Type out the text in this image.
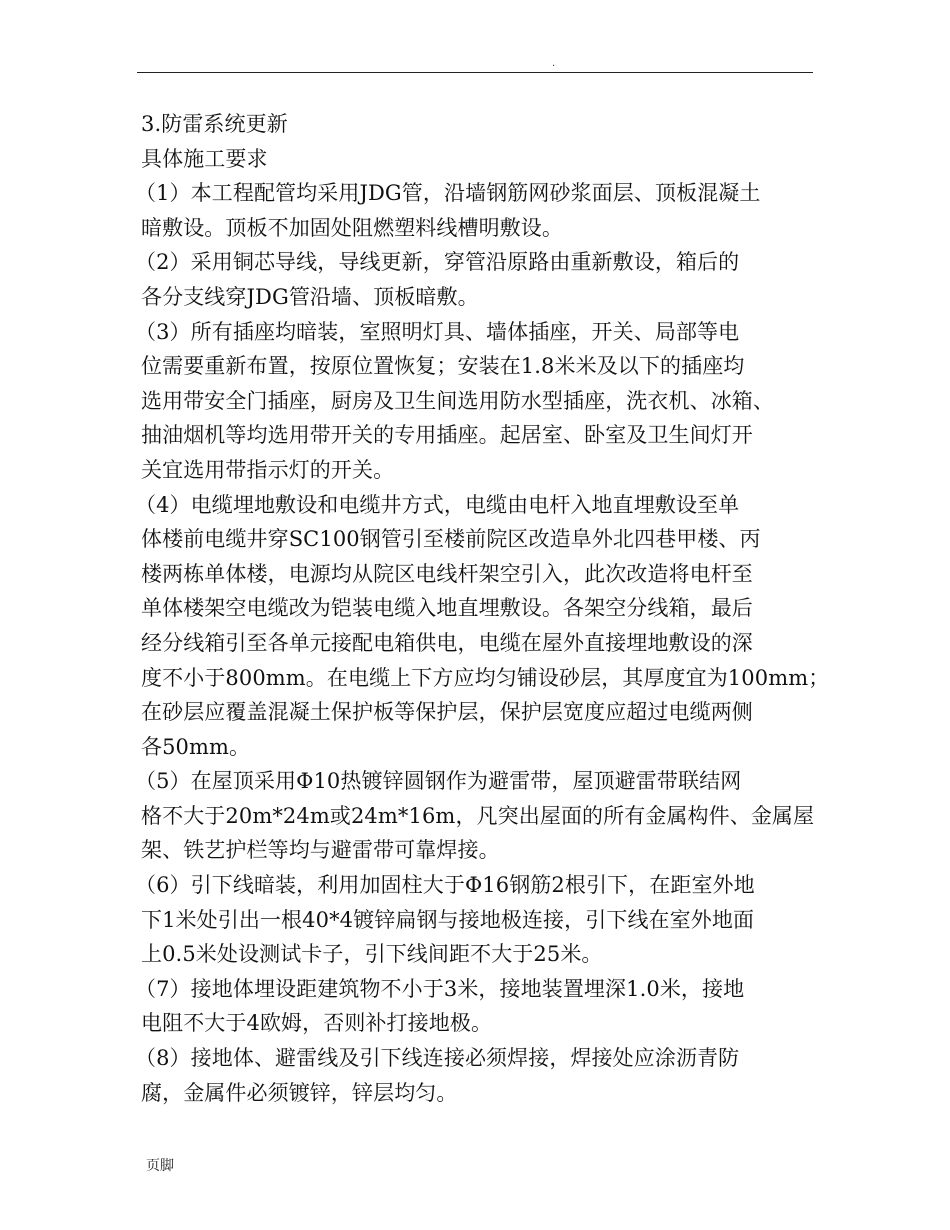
.
3.防雷系统更新
具体施工要求
（1）本工程配管均采用JDG管，沿墙钢筋网砂浆面层、顶板混凝土
暗敷设。顶板不加固处阻燃塑料线槽明敷设。
（2）采用铜芯导线，导线更新，穿管沿原路由重新敷设，箱后的
各分支线穿JDG管沿墙、顶板暗敷。
（3）所有插座均暗装，室照明灯具、墙体插座，开关、局部等电
位需要重新布置，按原位置恢复；安装在1.8米米及以下的插座均
选用带安全门插座，厨房及卫生间选用防水型插座，洗衣机、冰箱、
抽油烟机等均选用带开关的专用插座。起居室、卧室及卫生间灯开
关宜选用带指示灯的开关。
（4）电缆埋地敷设和电缆井方式，电缆由电杆入地直埋敷设至单
体楼前电缆井穿SC100钢管引至楼前院区改造阜外北四巷甲楼、丙
楼两栋单体楼，电源均从院区电线杆架空引入，此次改造将电杆至
单体楼架空电缆改为铠装电缆入地直埋敷设。各架空分线箱，最后
经分线箱引至各单元接配电箱供电，电缆在屋外直接埋地敷设的深
度不小于800mm。在电缆上下方应均匀铺设砂层，其厚度宜为100mm；
在砂层应覆盖混凝土保护板等保护层，保护层宽度应超过电缆两侧
各50mm。
（5）在屋顶采用Φ10热镀锌圆钢作为避雷带，屋顶避雷带联结网
格不大于20m*24m或24m*16m，凡突出屋面的所有金属构件、金属屋
架、铁艺护栏等均与避雷带可靠焊接。
（6）引下线暗装，利用加固柱大于Φ16钢筋2根引下，在距室外地
下1米处引出一根40*4镀锌扁钢与接地极连接，引下线在室外地面
上0.5米处设测试卡子，引下线间距不大于25米。
（7）接地体埋设距建筑物不小于3米，接地装置埋深1.0米，接地
电阻不大于4欧姆，否则补打接地极。
（8）接地体、避雷线及引下线连接必须焊接，焊接处应涂沥青防
腐，金属件必须镀锌，锌层均匀。
页脚
